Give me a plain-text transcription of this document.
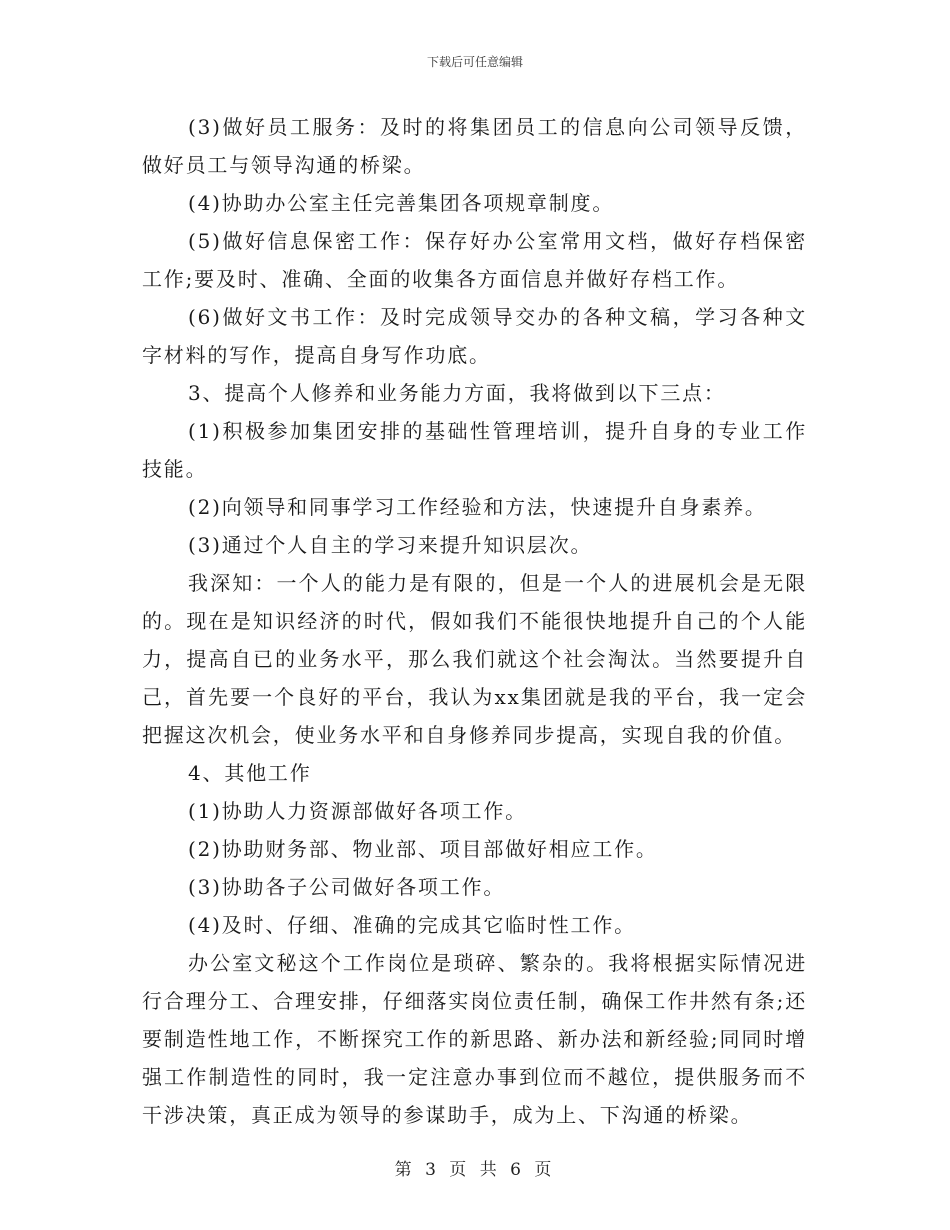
下载后可任意编辑

(3)做好员工服务：及时的将集团员工的信息向公司领导反馈，做好员工与领导沟通的桥梁。

(4)协助办公室主任完善集团各项规章制度。

(5)做好信息保密工作：保存好办公室常用文档，做好存档保密工作;要及时、准确、全面的收集各方面信息并做好存档工作。

(6)做好文书工作：及时完成领导交办的各种文稿，学习各种文字材料的写作，提高自身写作功底。

3、提高个人修养和业务能力方面，我将做到以下三点：

(1)积极参加集团安排的基础性管理培训，提升自身的专业工作技能。

(2)向领导和同事学习工作经验和方法，快速提升自身素养。

(3)通过个人自主的学习来提升知识层次。

我深知：一个人的能力是有限的，但是一个人的进展机会是无限的。现在是知识经济的时代，假如我们不能很快地提升自己的个人能力，提高自已的业务水平，那么我们就这个社会淘汰。当然要提升自己，首先要一个良好的平台，我认为xx集团就是我的平台，我一定会把握这次机会，使业务水平和自身修养同步提高，实现自我的价值。

4、其他工作

(1)协助人力资源部做好各项工作。

(2)协助财务部、物业部、项目部做好相应工作。

(3)协助各子公司做好各项工作。

(4)及时、仔细、准确的完成其它临时性工作。

办公室文秘这个工作岗位是琐碎、繁杂的。我将根据实际情况进行合理分工、合理安排，仔细落实岗位责任制，确保工作井然有条;还要制造性地工作，不断探究工作的新思路、新办法和新经验;同同时增强工作制造性的同时，我一定注意办事到位而不越位，提供服务而不干涉决策，真正成为领导的参谋助手，成为上、下沟通的桥梁。

第 3 页 共 6 页
